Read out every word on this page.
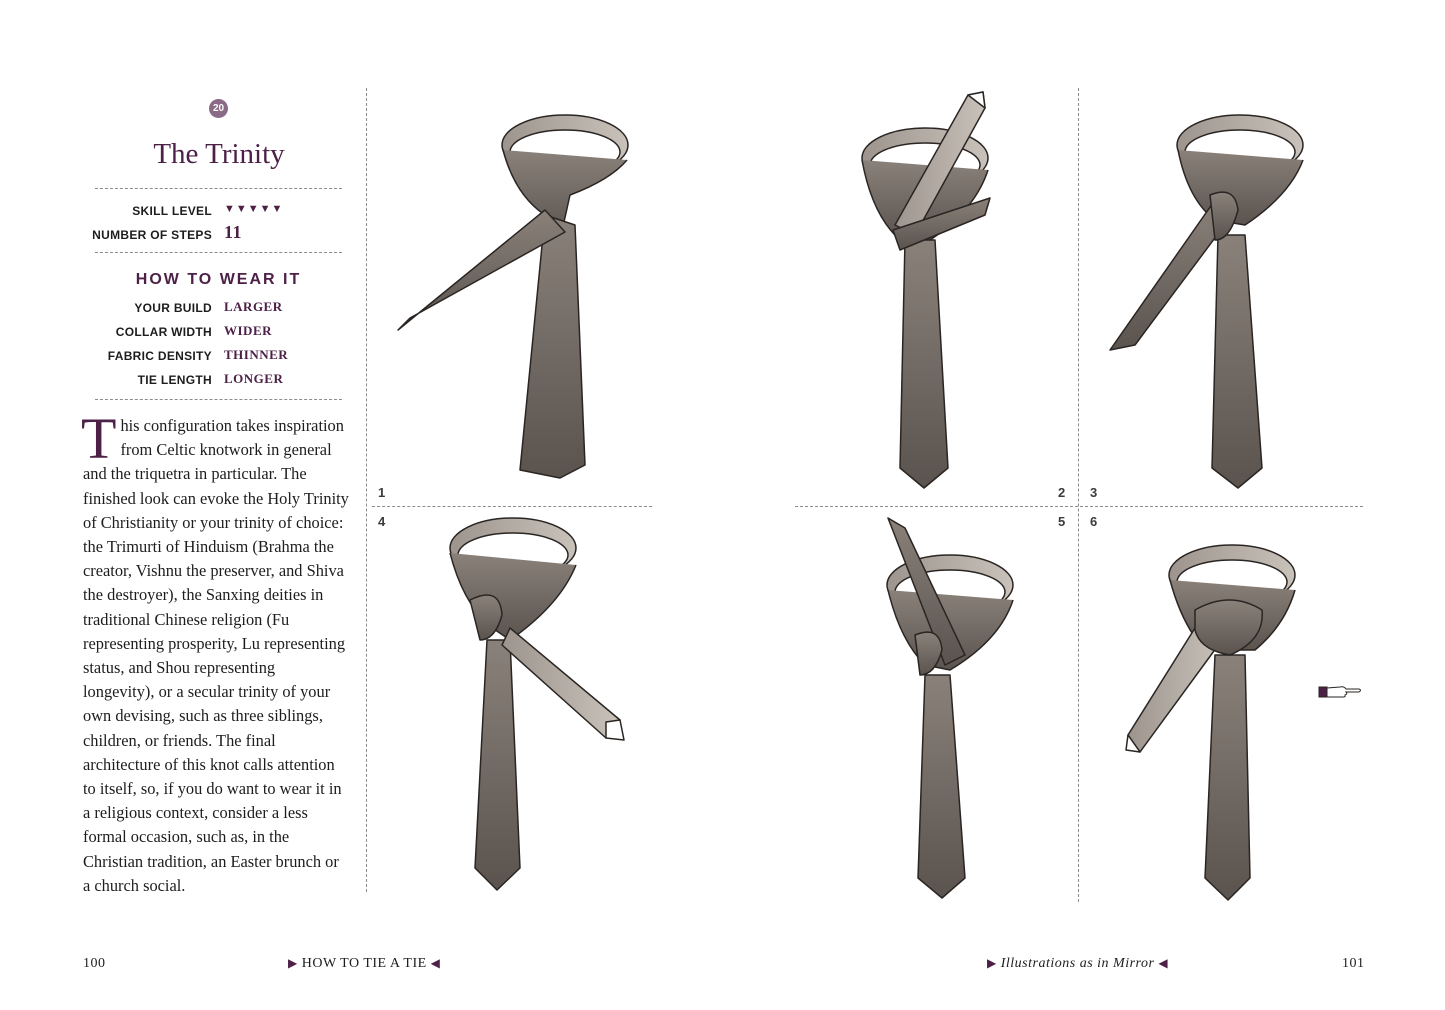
20
The Trinity
SKILL LEVEL ▼▼▼▼▼
NUMBER OF STEPS 11
HOW TO WEAR IT
YOUR BUILD LARGER
COLLAR WIDTH WIDER
FABRIC DENSITY THINNER
TIE LENGTH LONGER
This configuration takes inspiration from Celtic knotwork in general and the triquetra in particular. The finished look can evoke the Holy Trinity of Christianity or your trinity of choice: the Trimurti of Hinduism (Brahma the creator, Vishnu the preserver, and Shiva the destroyer), the Sanxing deities in traditional Chinese religion (Fu representing prosperity, Lu representing status, and Shou representing longevity), or a secular trinity of your own devising, such as three siblings, children, or friends. The final architecture of this knot calls attention to itself, so, if you do want to wear it in a religious context, consider a less formal occasion, such as, in the Christian tradition, an Easter brunch or a church social.
1	2 3
4	5 6
100	▶ HOW TO TIE A TIE ◀	▶ Illustrations as in Mirror ◀	101
